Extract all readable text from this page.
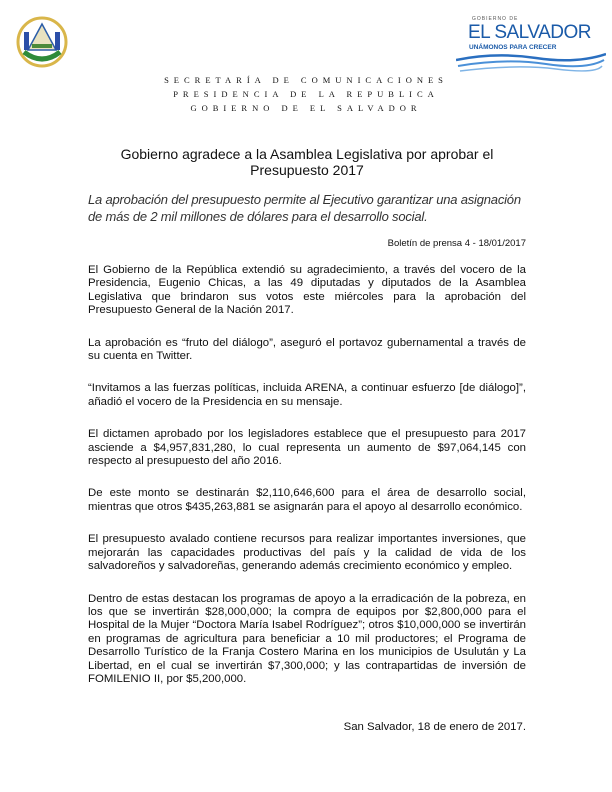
GOBIERNO DE
EL SALVADOR
UNÁMONOS PARA CRECER
SECRETARÍA DE COMUNICACIONES
PRESIDENCIA DE LA REPUBLICA
GOBIERNO DE EL SALVADOR
Gobierno agradece a la Asamblea Legislativa por aprobar el Presupuesto 2017
La aprobación del presupuesto permite al Ejecutivo garantizar una asignación de más de 2 mil millones de dólares para el desarrollo social.
Boletín de prensa 4 - 18/01/2017

El Gobierno de la República extendió su agradecimiento, a través del vocero de la Presidencia, Eugenio Chicas, a las 49 diputadas y diputados de la Asamblea Legislativa que brindaron sus votos este miércoles para la aprobación del Presupuesto General de la Nación 2017.

La aprobación es “fruto del diálogo”, aseguró el portavoz gubernamental a través de su cuenta en Twitter.

“Invitamos a las fuerzas políticas, incluida ARENA, a continuar esfuerzo [de diálogo]”, añadió el vocero de la Presidencia en su mensaje.

El dictamen aprobado por los legisladores establece que el presupuesto para 2017 asciende a $4,957,831,280, lo cual representa un aumento de $97,064,145 con respecto al presupuesto del año 2016.

De este monto se destinarán $2,110,646,600 para el área de desarrollo social, mientras que otros $435,263,881 se asignarán para el apoyo al desarrollo económico.

El presupuesto avalado contiene recursos para realizar importantes inversiones, que mejorarán las capacidades productivas del país y la calidad de vida de los salvadoreños y salvadoreñas, generando además crecimiento económico y empleo.

Dentro de estas destacan los programas de apoyo a la erradicación de la pobreza, en los que se invertirán $28,000,000; la compra de equipos por $2,800,000 para el Hospital de la Mujer “Doctora María Isabel Rodríguez”; otros $10,000,000 se invertirán en programas de agricultura para beneficiar a 10 mil productores; el Programa de Desarrollo Turístico de la Franja Costero Marina en los municipios de Usulután y La Libertad, en el cual se invertirán $7,300,000; y las contrapartidas de inversión de FOMILENIO II, por $5,200,000.

San Salvador, 18 de enero de 2017.
